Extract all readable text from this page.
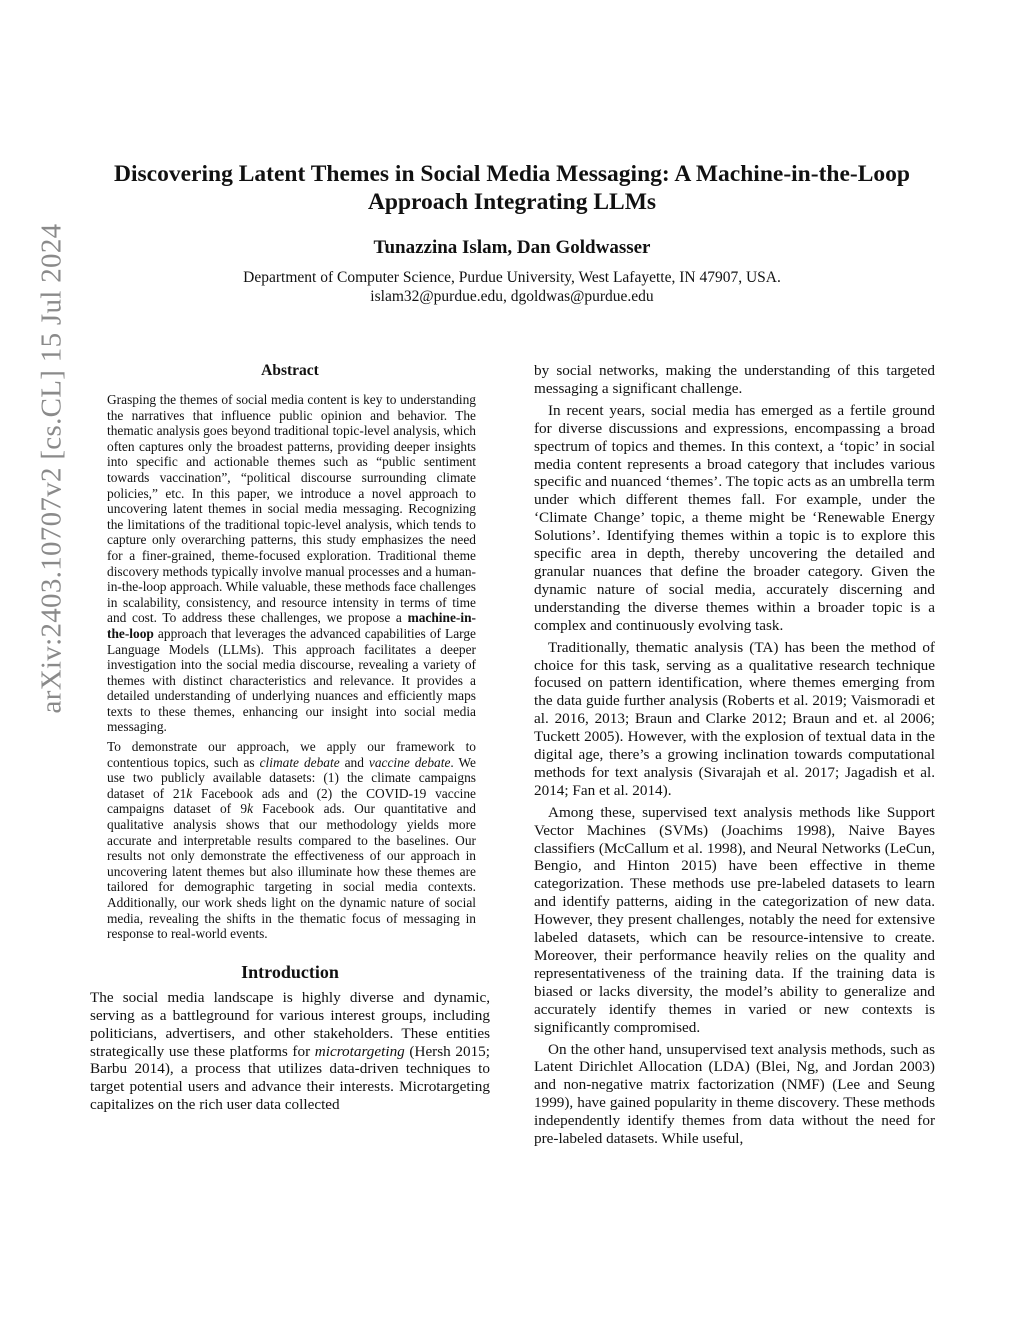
Discovering Latent Themes in Social Media Messaging: A Machine-in-the-Loop
Approach Integrating LLMs
Tunazzina Islam, Dan Goldwasser
Department of Computer Science, Purdue University, West Lafayette, IN 47907, USA.
islam32@purdue.edu, dgoldwas@purdue.edu
arXiv:2403.10707v2 [cs.CL] 15 Jul 2024	Abstract

Grasping the themes of social media content is key to understanding the narratives that influence public opinion and behavior. The thematic analysis goes beyond traditional topic-level analysis, which often captures only the broadest patterns, providing deeper insights into specific and actionable themes such as “public sentiment towards vaccination”, “political discourse surrounding climate policies,” etc. In this paper, we introduce a novel approach to uncovering latent themes in social media messaging. Recognizing the limitations of the traditional topic-level analysis, which tends to capture only overarching patterns, this study emphasizes the need for a finer-grained, theme-focused exploration. Traditional theme discovery methods typically involve manual processes and a human-in-the-loop approach. While valuable, these methods face challenges in scalability, consistency, and resource intensity in terms of time and cost. To address these challenges, we propose a machine-in-the-loop approach that leverages the advanced capabilities of Large Language Models (LLMs). This approach facilitates a deeper investigation into the social media discourse, revealing a variety of themes with distinct characteristics and relevance. It provides a detailed understanding of underlying nuances and efficiently maps texts to these themes, enhancing our insight into social media messaging.

To demonstrate our approach, we apply our framework to contentious topics, such as climate debate and vaccine debate. We use two publicly available datasets: (1) the climate campaigns dataset of 21k Facebook ads and (2) the COVID-19 vaccine campaigns dataset of 9k Facebook ads. Our quantitative and qualitative analysis shows that our methodology yields more accurate and interpretable results compared to the baselines. Our results not only demonstrate the effectiveness of our approach in uncovering latent themes but also illuminate how these themes are tailored for demographic targeting in social media contexts. Additionally, our work sheds light on the dynamic nature of social media, revealing the shifts in the thematic focus of messaging in response to real-world events.

Introduction

The social media landscape is highly diverse and dynamic, serving as a battleground for various interest groups, including politicians, advertisers, and other stakeholders. These entities strategically use these platforms for microtargeting (Hersh 2015; Barbu 2014), a process that utilizes data-driven techniques to target potential users and advance their interests. Microtargeting capitalizes on the rich user data collected

by social networks, making the understanding of this targeted messaging a significant challenge.

In recent years, social media has emerged as a fertile ground for diverse discussions and expressions, encompassing a broad spectrum of topics and themes. In this context, a ‘topic’ in social media content represents a broad category that includes various specific and nuanced ‘themes’. The topic acts as an umbrella term under which different themes fall. For example, under the ‘Climate Change’ topic, a theme might be ‘Renewable Energy Solutions’. Identifying themes within a topic is to explore this specific area in depth, thereby uncovering the detailed and granular nuances that define the broader category. Given the dynamic nature of social media, accurately discerning and understanding the diverse themes within a broader topic is a complex and continuously evolving task.

Traditionally, thematic analysis (TA) has been the method of choice for this task, serving as a qualitative research technique focused on pattern identification, where themes emerging from the data guide further analysis (Roberts et al. 2019; Vaismoradi et al. 2016, 2013; Braun and Clarke 2012; Braun and et. al 2006; Tuckett 2005). However, with the explosion of textual data in the digital age, there’s a growing inclination towards computational methods for text analysis (Sivarajah et al. 2017; Jagadish et al. 2014; Fan et al. 2014).

Among these, supervised text analysis methods like Support Vector Machines (SVMs) (Joachims 1998), Naive Bayes classifiers (McCallum et al. 1998), and Neural Networks (LeCun, Bengio, and Hinton 2015) have been effective in theme categorization. These methods use pre-labeled datasets to learn and identify patterns, aiding in the categorization of new data. However, they present challenges, notably the need for extensive labeled datasets, which can be resource-intensive to create. Moreover, their performance heavily relies on the quality and representativeness of the training data. If the training data is biased or lacks diversity, the model’s ability to generalize and accurately identify themes in varied or new contexts is significantly compromised.

On the other hand, unsupervised text analysis methods, such as Latent Dirichlet Allocation (LDA) (Blei, Ng, and Jordan 2003) and non-negative matrix factorization (NMF) (Lee and Seung 1999), have gained popularity in theme discovery. These methods independently identify themes from data without the need for pre-labeled datasets. While useful,
